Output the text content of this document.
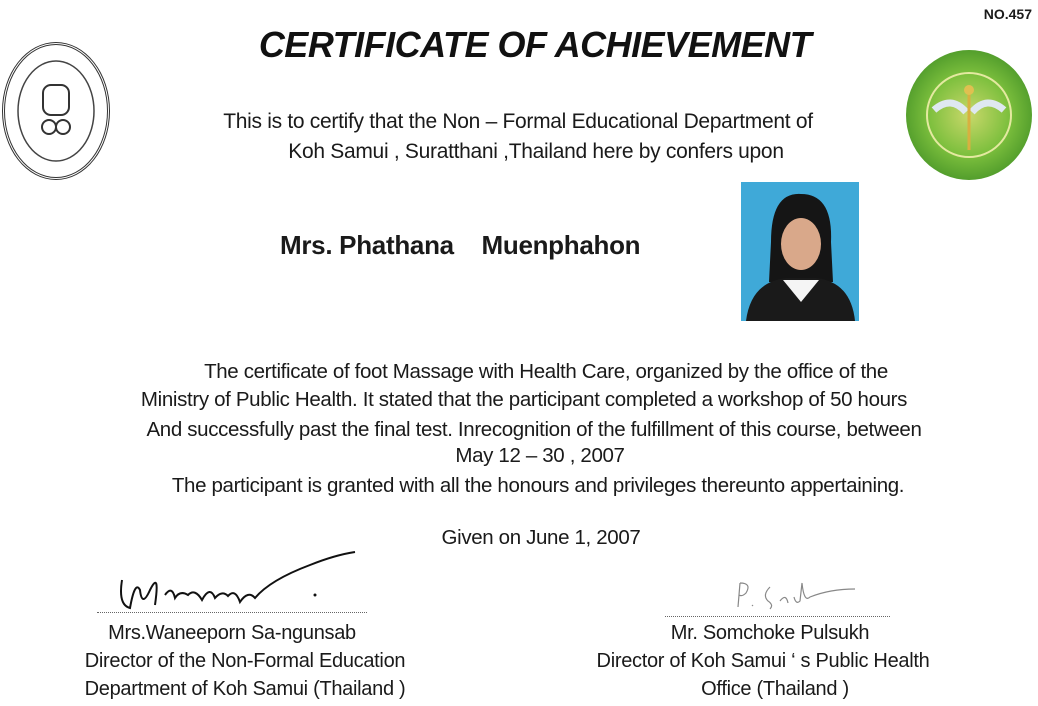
NO.457
CERTIFICATE OF ACHIEVEMENT
This is to certify that the Non – Formal Educational Department of
Koh Samui , Suratthani ,Thailand here by confers upon
Mrs. Phathana    Muenphahon
The certificate of foot Massage with Health Care, organized by the office of the
Ministry of Public Health. It stated that the participant completed a workshop of 50 hours
And successfully past the final test. Inrecognition of the fulfillment of this course, between
May 12 – 30 , 2007
The participant is granted with all the honours and privileges thereunto appertaining.
Given on June 1, 2007
Mrs.Waneeporn Sa-ngunsab
Director of the Non-Formal Education
Department of Koh Samui (Thailand )
Mr. Somchoke Pulsukh
Director of Koh Samui ‘ s Public Health
Office (Thailand )
